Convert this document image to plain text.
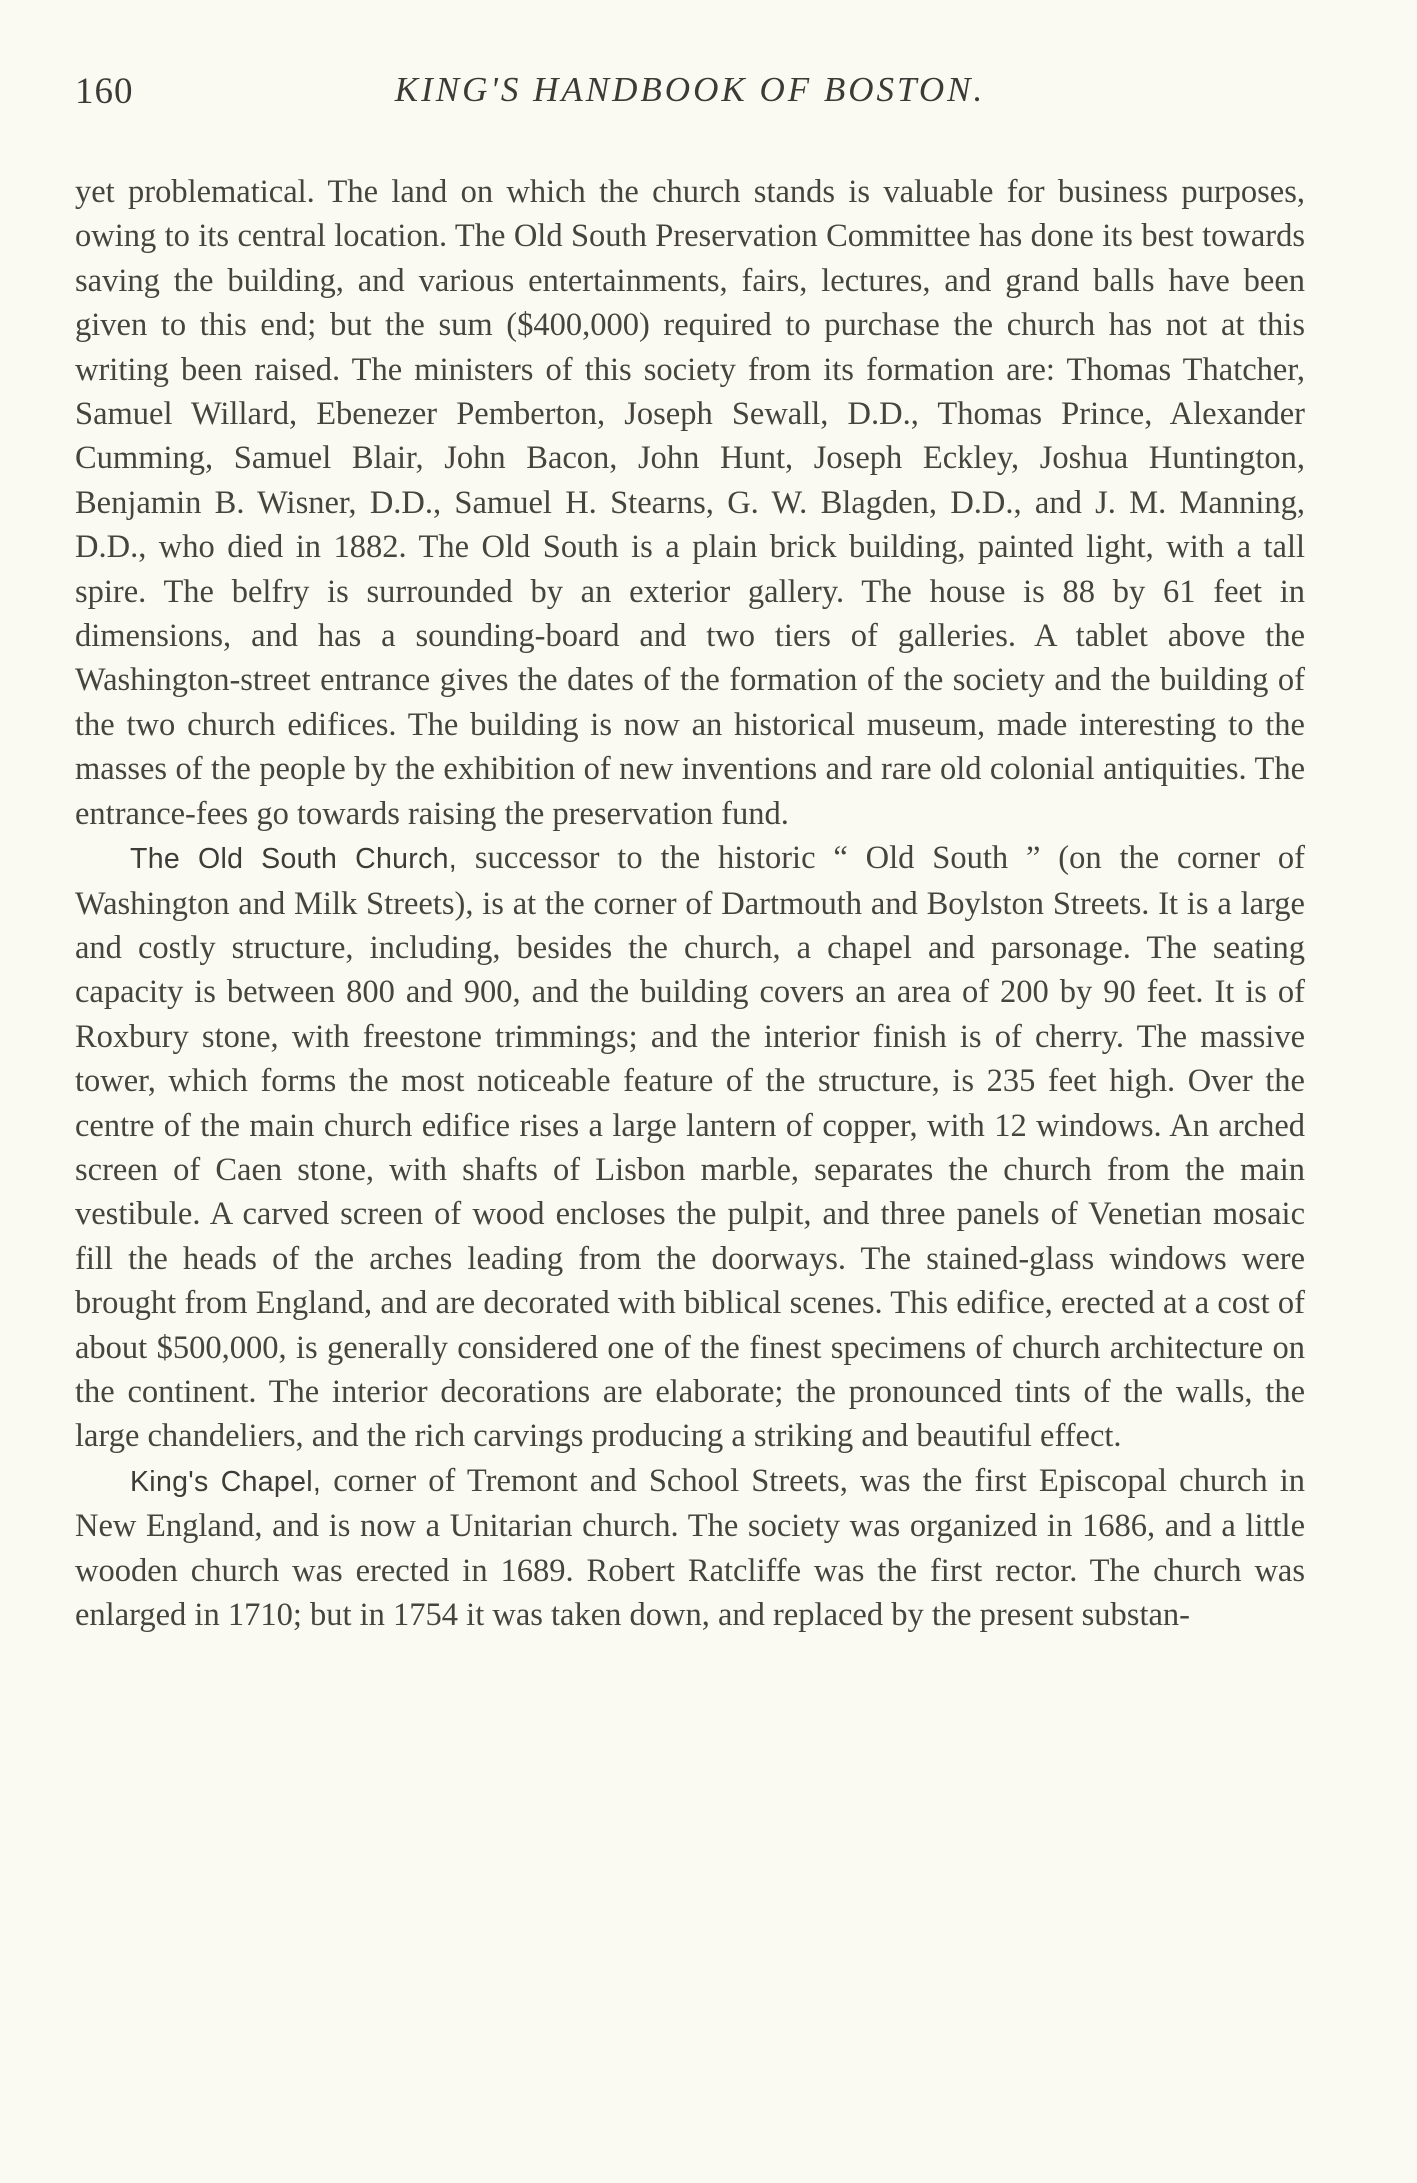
160	KING'S HANDBOOK OF BOSTON.

yet problematical. The land on which the church stands is valuable for business purposes, owing to its central location. The Old South Preservation Committee has done its best towards saving the building, and various entertainments, fairs, lectures, and grand balls have been given to this end; but the sum ($400,000) required to purchase the church has not at this writing been raised. The ministers of this society from its formation are: Thomas Thatcher, Samuel Willard, Ebenezer Pemberton, Joseph Sewall, D.D., Thomas Prince, Alexander Cumming, Samuel Blair, John Bacon, John Hunt, Joseph Eckley, Joshua Huntington, Benjamin B. Wisner, D.D., Samuel H. Stearns, G. W. Blagden, D.D., and J. M. Manning, D.D., who died in 1882. The Old South is a plain brick building, painted light, with a tall spire. The belfry is surrounded by an exterior gallery. The house is 88 by 61 feet in dimensions, and has a sounding-board and two tiers of galleries. A tablet above the Washington-street entrance gives the dates of the formation of the society and the building of the two church edifices. The building is now an historical museum, made interesting to the masses of the people by the exhibition of new inventions and rare old colonial antiquities. The entrance-fees go towards raising the preservation fund.

The Old South Church, successor to the historic “ Old South ” (on the corner of Washington and Milk Streets), is at the corner of Dartmouth and Boylston Streets. It is a large and costly structure, including, besides the church, a chapel and parsonage. The seating capacity is between 800 and 900, and the building covers an area of 200 by 90 feet. It is of Roxbury stone, with freestone trimmings; and the interior finish is of cherry. The massive tower, which forms the most noticeable feature of the structure, is 235 feet high. Over the centre of the main church edifice rises a large lantern of copper, with 12 windows. An arched screen of Caen stone, with shafts of Lisbon marble, separates the church from the main vestibule. A carved screen of wood encloses the pulpit, and three panels of Venetian mosaic fill the heads of the arches leading from the doorways. The stained-glass windows were brought from England, and are decorated with biblical scenes. This edifice, erected at a cost of about $500,000, is generally considered one of the finest specimens of church architecture on the continent. The interior decorations are elaborate; the pronounced tints of the walls, the large chandeliers, and the rich carvings producing a striking and beautiful effect.

King's Chapel, corner of Tremont and School Streets, was the first Episcopal church in New England, and is now a Unitarian church. The society was organized in 1686, and a little wooden church was erected in 1689. Robert Ratcliffe was the first rector. The church was enlarged in 1710; but in 1754 it was taken down, and replaced by the present substan-
